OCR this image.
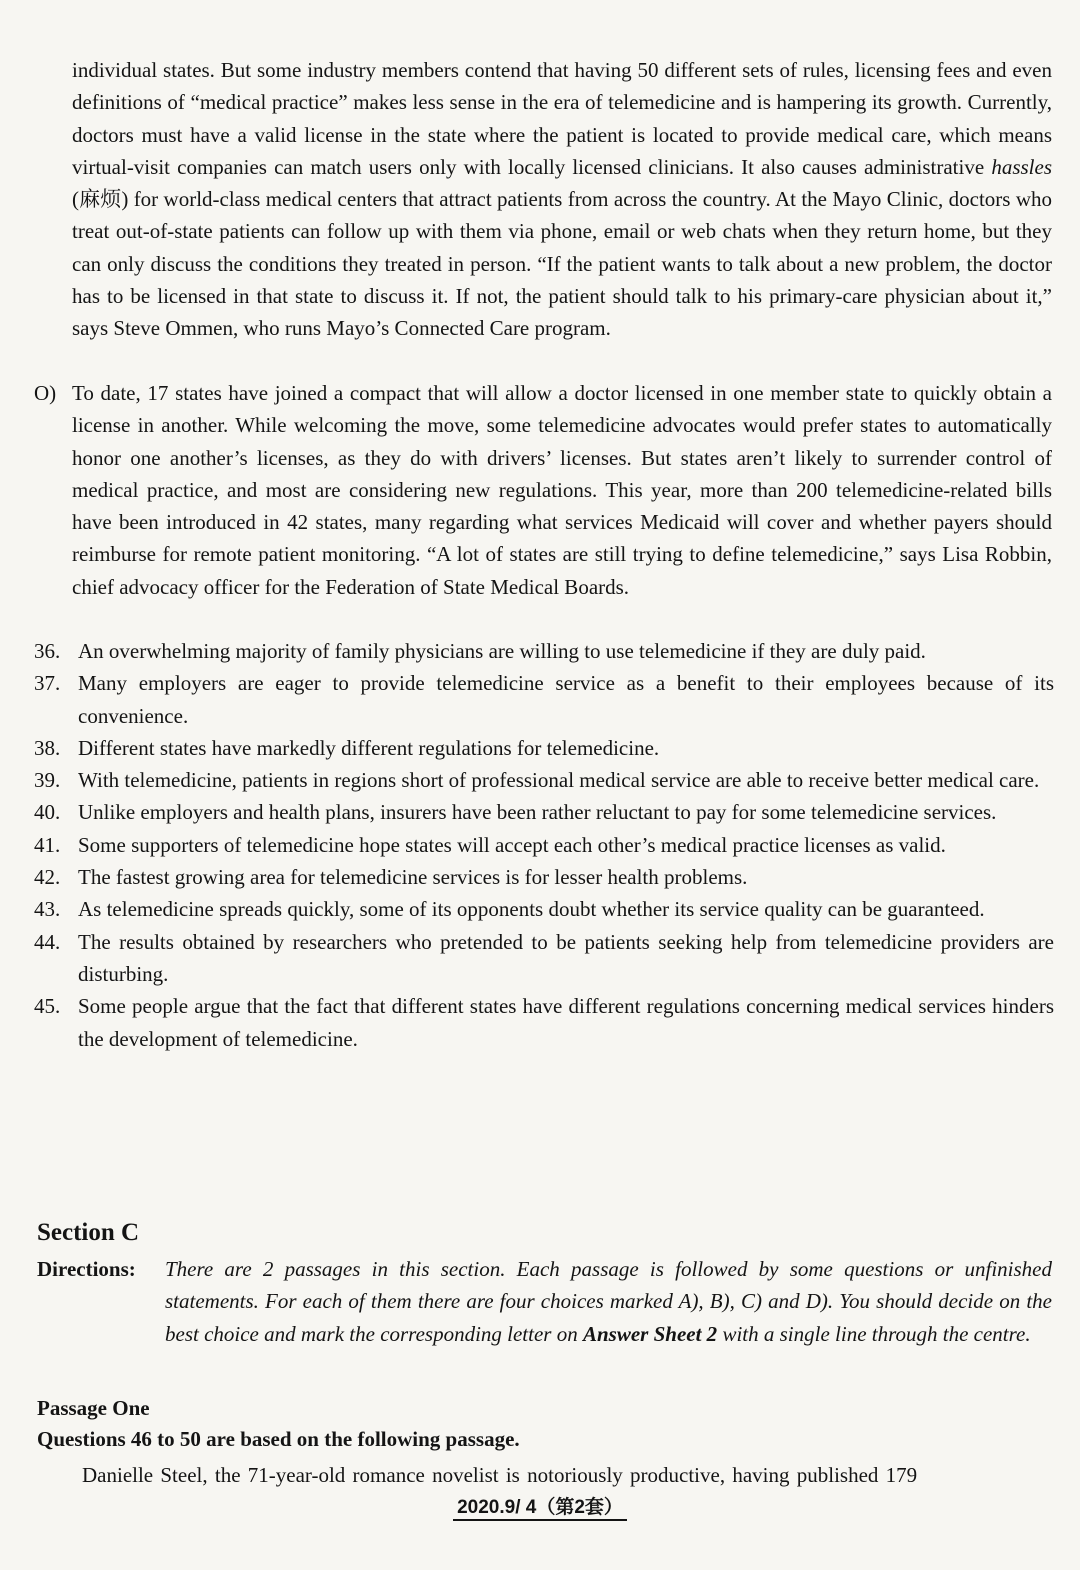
individual states. But some industry members contend that having 50 different sets of rules, licensing fees and even definitions of “medical practice” makes less sense in the era of telemedicine and is hampering its growth. Currently, doctors must have a valid license in the state where the patient is located to provide medical care, which means virtual-visit companies can match users only with locally licensed clinicians. It also causes administrative hassles (麻烦) for world-class medical centers that attract patients from across the country. At the Mayo Clinic, doctors who treat out-of-state patients can follow up with them via phone, email or web chats when they return home, but they can only discuss the conditions they treated in person. “If the patient wants to talk about a new problem, the doctor has to be licensed in that state to discuss it. If not, the patient should talk to his primary-care physician about it,” says Steve Ommen, who runs Mayo’s Connected Care program.
O) To date, 17 states have joined a compact that will allow a doctor licensed in one member state to quickly obtain a license in another. While welcoming the move, some telemedicine advocates would prefer states to automatically honor one another’s licenses, as they do with drivers’ licenses. But states aren’t likely to surrender control of medical practice, and most are considering new regulations. This year, more than 200 telemedicine-related bills have been introduced in 42 states, many regarding what services Medicaid will cover and whether payers should reimburse for remote patient monitoring. “A lot of states are still trying to define telemedicine,” says Lisa Robbin, chief advocacy officer for the Federation of State Medical Boards.
36. An overwhelming majority of family physicians are willing to use telemedicine if they are duly paid.
37. Many employers are eager to provide telemedicine service as a benefit to their employees because of its convenience.
38. Different states have markedly different regulations for telemedicine.
39. With telemedicine, patients in regions short of professional medical service are able to receive better medical care.
40. Unlike employers and health plans, insurers have been rather reluctant to pay for some telemedicine services.
41. Some supporters of telemedicine hope states will accept each other’s medical practice licenses as valid.
42. The fastest growing area for telemedicine services is for lesser health problems.
43. As telemedicine spreads quickly, some of its opponents doubt whether its service quality can be guaranteed.
44. The results obtained by researchers who pretended to be patients seeking help from telemedicine providers are disturbing.
45. Some people argue that the fact that different states have different regulations concerning medical services hinders the development of telemedicine.
Section C
Directions:	There are 2 passages in this section. Each passage is followed by some questions or unfinished statements. For each of them there are four choices marked A), B), C) and D). You should decide on the best choice and mark the corresponding letter on Answer Sheet 2 with a single line through the centre.
Passage One
Questions 46 to 50 are based on the following passage.
Danielle Steel, the 71-year-old romance novelist is notoriously productive, having published 179
2020.9/ 4（第2套）
